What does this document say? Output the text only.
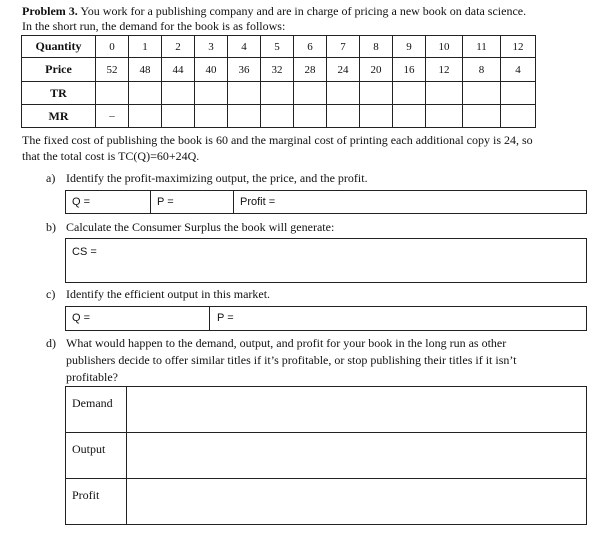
Problem 3. You work for a publishing company and are in charge of pricing a new book on data science.
In the short run, the demand for the book is as follows:
Quantity	0	1	2	3	4	5	6	7	8	9	10	11	12
Price	52	48	44	40	36	32	28	24	20	16	12	8	4
TR													
MR	–												
The fixed cost of publishing the book is 60 and the marginal cost of printing each additional copy is 24, so
that the total cost is TC(Q)=60+24Q.
a) Identify the profit-maximizing output, the price, and the profit.
Q =	P =	Profit =
b) Calculate the Consumer Surplus the book will generate:
CS =
c) Identify the efficient output in this market.
Q =	P =
d) What would happen to the demand, output, and profit for your book in the long run as other
publishers decide to offer similar titles if it’s profitable, or stop publishing their titles if it isn’t
profitable?
Demand	
Output	
Profit	
